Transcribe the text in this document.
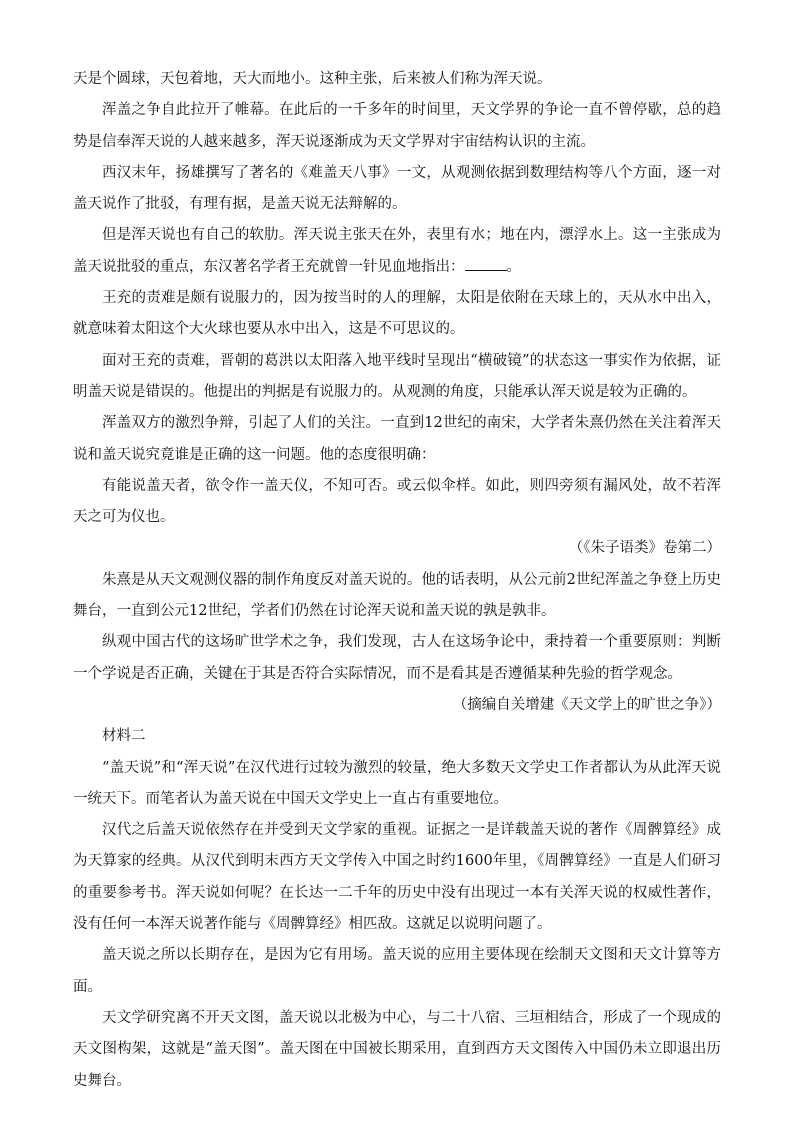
天是个圆球，天包着地，天大而地小。这种主张，后来被人们称为浑天说。

浑盖之争自此拉开了帷幕。在此后的一千多年的时间里，天文学界的争论一直不曾停歇，总的趋势是信奉浑天说的人越来越多，浑天说逐渐成为天文学界对宇宙结构认识的主流。

西汉末年，扬雄撰写了著名的《难盖天八事》一文，从观测依据到数理结构等八个方面，逐一对盖天说作了批驳，有理有据，是盖天说无法辩解的。

但是浑天说也有自己的软肋。浑天说主张天在外，表里有水；地在内，漂浮水上。这一主张成为盖天说批驳的重点，东汉著名学者王充就曾一针见血地指出：	。

王充的责难是颇有说服力的，因为按当时的人的理解，太阳是依附在天球上的，天从水中出入，就意味着太阳这个大火球也要从水中出入，这是不可思议的。

面对王充的责难，晋朝的葛洪以太阳落入地平线时呈现出“横破镜”的状态这一事实作为依据，证明盖天说是错误的。他提出的判据是有说服力的。从观测的角度，只能承认浑天说是较为正确的。

浑盖双方的激烈争辩，引起了人们的关注。一直到12世纪的南宋，大学者朱熹仍然在关注着浑天说和盖天说究竟谁是正确的这一问题。他的态度很明确：

有能说盖天者，欲令作一盖天仪，不知可否。或云似伞样。如此，则四旁须有漏风处，故不若浑天之可为仪也。

（《朱子语类》卷第二）

朱熹是从天文观测仪器的制作角度反对盖天说的。他的话表明，从公元前2世纪浑盖之争登上历史舞台，一直到公元12世纪，学者们仍然在讨论浑天说和盖天说的孰是孰非。

纵观中国古代的这场旷世学术之争，我们发现，古人在这场争论中，秉持着一个重要原则：判断一个学说是否正确，关键在于其是否符合实际情况，而不是看其是否遵循某种先验的哲学观念。

（摘编自关增建《天文学上的旷世之争》）

材料二

“盖天说”和“浑天说”在汉代进行过较为激烈的较量，绝大多数天文学史工作者都认为从此浑天说一统天下。而笔者认为盖天说在中国天文学史上一直占有重要地位。

汉代之后盖天说依然存在并受到天文学家的重视。证据之一是详载盖天说的著作《周髀算经》成为天算家的经典。从汉代到明末西方天文学传入中国之时约1600年里，《周髀算经》一直是人们研习的重要参考书。浑天说如何呢？在长达一二千年的历史中没有出现过一本有关浑天说的权威性著作，没有任何一本浑天说著作能与《周髀算经》相匹敌。这就足以说明问题了。

盖天说之所以长期存在，是因为它有用场。盖天说的应用主要体现在绘制天文图和天文计算等方面。

天文学研究离不开天文图，盖天说以北极为中心，与二十八宿、三垣相结合，形成了一个现成的天文图构架，这就是“盖天图”。盖天图在中国被长期采用，直到西方天文图传入中国仍未立即退出历史舞台。
